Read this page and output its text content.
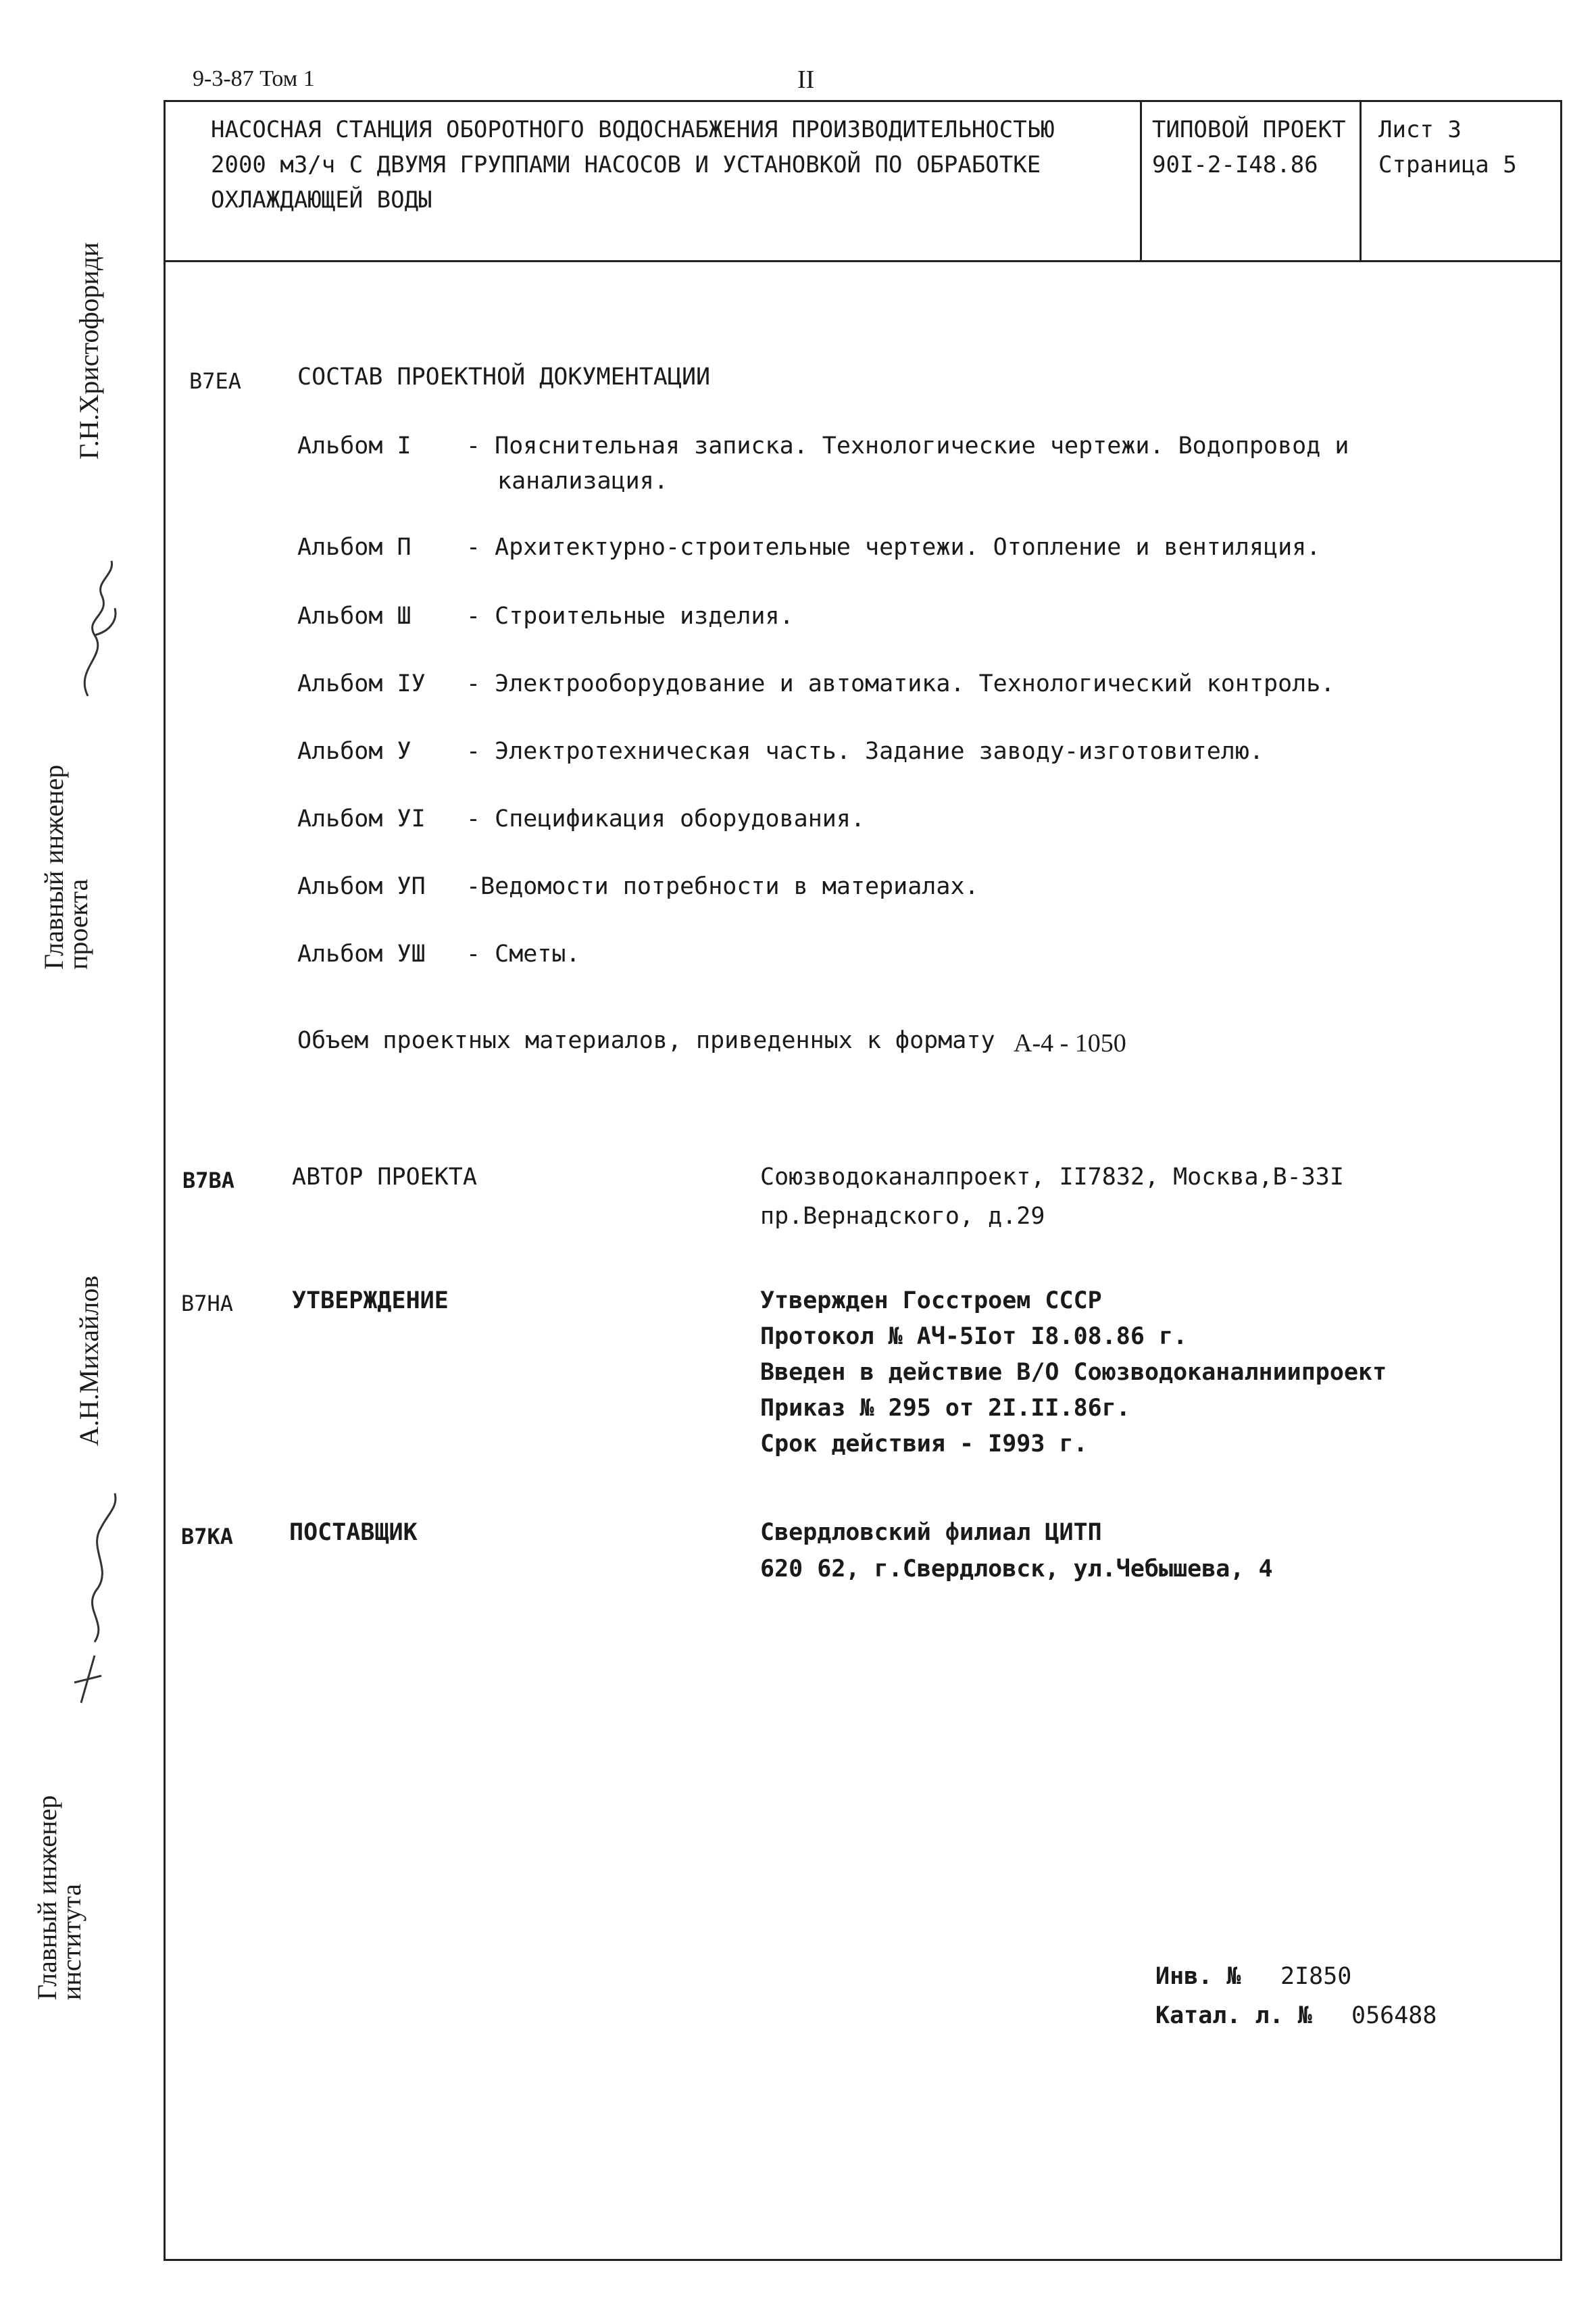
9-3-87 Том 1	II
НАСОСНАЯ СТАНЦИЯ ОБОРОТНОГО ВОДОСНАБЖЕНИЯ ПРОИЗВОДИТЕЛЬНОСТЬЮ
2000 м3/ч С ДВУМЯ ГРУППАМИ НАСОСОВ И УСТАНОВКОЙ ПО ОБРАБОТКЕ
ОХЛАЖДАЮЩЕЙ ВОДЫ
ТИПОВОЙ ПРОЕКТ
90I-2-I48.86
Лист 3
Страница 5
Г.Н.Христофориди
Главный инженер
проекта
А.Н.Михайлов
Главный инженер
института
В7ЕА СОСТАВ ПРОЕКТНОЙ ДОКУМЕНТАЦИИ
Альбом I - Пояснительная записка. Технологические чертежи. Водопровод и
канализация.
Альбом П - Архитектурно-строительные чертежи. Отопление и вентиляция.
Альбом Ш - Строительные изделия.
Альбом IУ - Электрооборудование и автоматика. Технологический контроль.
Альбом У - Электротехническая часть. Задание заводу-изготовителю.
Альбом УI - Спецификация оборудования.
Альбом УП -Ведомости потребности в материалах.
Альбом УШ - Сметы.
Объем проектных материалов, приведенных к формату А-4 - 1050
В7ВА АВТОР ПРОЕКТА	Союзводоканалпроект, II7832, Москва,В-33I
пр.Вернадского, д.29
В7НА УТВЕРЖДЕНИЕ	Утвержден Госстроем СССР
Протокол № АЧ-5Iот I8.08.86 г.
Введен в действие В/О Союзводоканалниипроект
Приказ № 295 от 2I.II.86г.
Срок действия - I993 г.
В7КА ПОСТАВЩИК	Свердловский филиал ЦИТП
620 62, г.Свердловск, ул.Чебышева, 4
Инв. № 2I850
Катал. л. № 056488
